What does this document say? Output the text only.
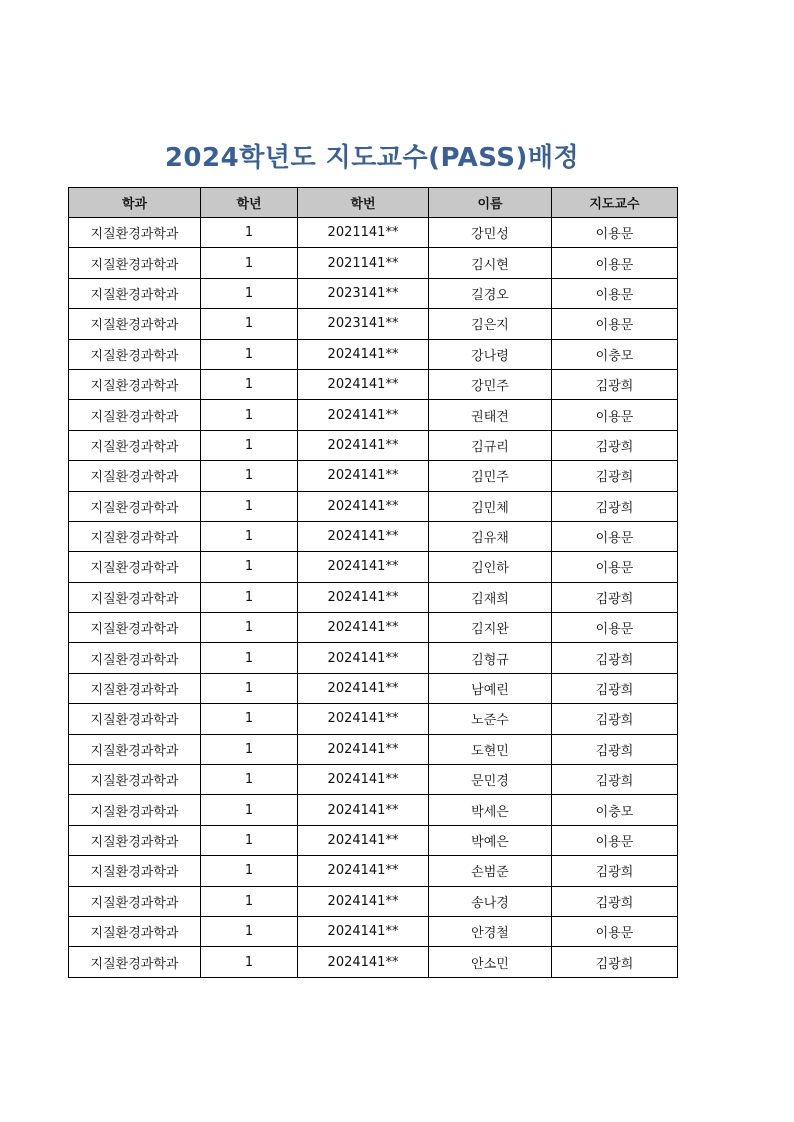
2024학년도 지도교수(PASS)배정
학과	학년	학번	이름	지도교수
지질환경과학과	1	2021141**	강민성	이용문
지질환경과학과	1	2021141**	김시현	이용문
지질환경과학과	1	2023141**	길경오	이용문
지질환경과학과	1	2023141**	김은지	이용문
지질환경과학과	1	2024141**	강나령	이충모
지질환경과학과	1	2024141**	강민주	김광희
지질환경과학과	1	2024141**	권태견	이용문
지질환경과학과	1	2024141**	김규리	김광희
지질환경과학과	1	2024141**	김민주	김광희
지질환경과학과	1	2024141**	김민체	김광희
지질환경과학과	1	2024141**	김유채	이용문
지질환경과학과	1	2024141**	김인하	이용문
지질환경과학과	1	2024141**	김재희	김광희
지질환경과학과	1	2024141**	김지완	이용문
지질환경과학과	1	2024141**	김형규	김광희
지질환경과학과	1	2024141**	남예린	김광희
지질환경과학과	1	2024141**	노준수	김광희
지질환경과학과	1	2024141**	도현민	김광희
지질환경과학과	1	2024141**	문민경	김광희
지질환경과학과	1	2024141**	박세은	이충모
지질환경과학과	1	2024141**	박예은	이용문
지질환경과학과	1	2024141**	손범준	김광희
지질환경과학과	1	2024141**	송나경	김광희
지질환경과학과	1	2024141**	안경철	이용문
지질환경과학과	1	2024141**	안소민	김광희
